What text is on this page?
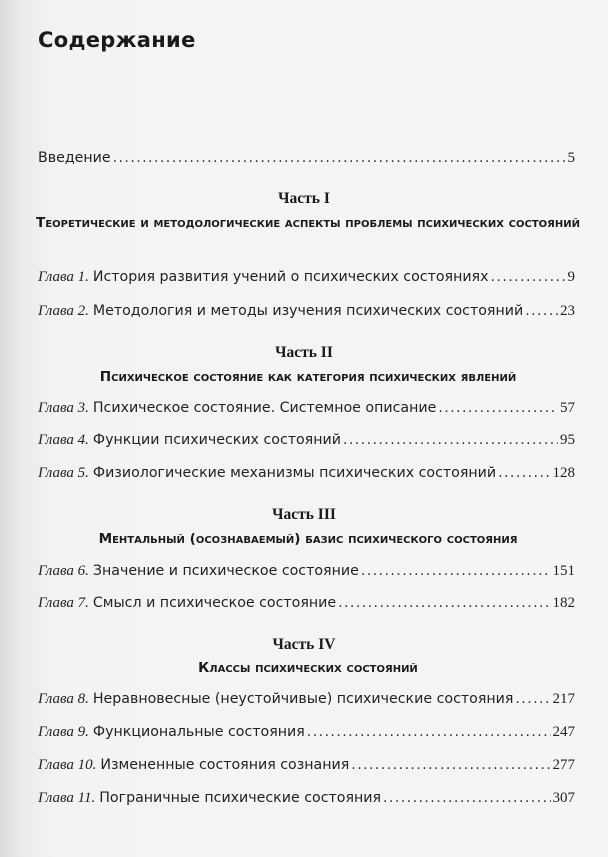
Содержание
Введение .....	5
Часть I
Теоретические и методологические аспекты проблемы психических состояний
Глава 1. История развития учений о психических состояниях .....	9
Глава 2. Методология и методы изучения психических состояний ..... 23
Часть II
Психическое состояние как категория психических явлений
Глава 3. Психическое состояние. Системное описание .....	57
Глава 4. Функции психических состояний .....	95
Глава 5. Физиологические механизмы психических состояний .....	128
Часть III
Ментальный (осознаваемый) базис психического состояния
Глава 6. Значение и психическое состояние .....	151
Глава 7. Смысл и психическое состояние .....	182
Часть IV
Классы психических состояний
Глава 8. Неравновесные (неустойчивые) психические состояния .....	217
Глава 9. Функциональные состояния .....	247
Глава 10. Измененные состояния сознания .....	277
Глава 11. Пограничные психические состояния .....	307
